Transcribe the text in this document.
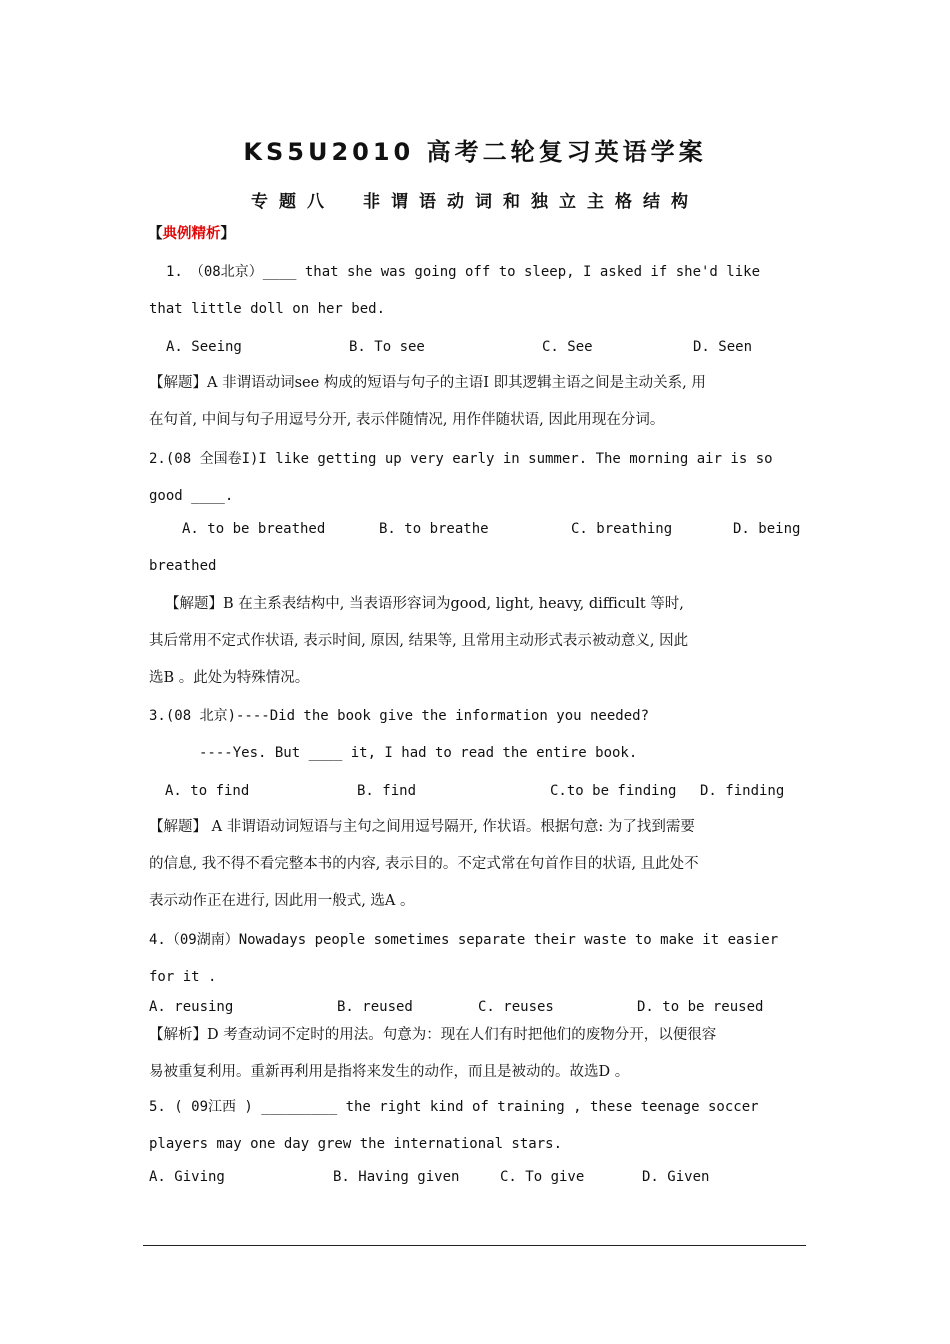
KS5U2010 高考二轮复习英语学案
专题八　非谓语动词和独立主格结构
【典例精析】
1.　（08北京）____ that she was going off to sleep, I asked if she'd like
that little doll on her bed.
A. Seeing	B. To see	C. See	D. Seen
【解题】A 非谓语动词see 构成的短语与句子的主语I 即其逻辑主语之间是主动关系, 用
在句首, 中间与句子用逗号分开, 表示伴随情况, 用作伴随状语, 因此用现在分词。
2.(08 全国卷I)I like getting up very early in summer. The morning air is so
good ____.
A. to be breathed	B. to breathe	C. breathing	D. being
breathed
【解题】B 在主系表结构中, 当表语形容词为good, light, heavy, difficult 等时,
其后常用不定式作状语, 表示时间, 原因, 结果等, 且常用主动形式表示被动意义, 因此
选B 。此处为特殊情况。
3.(08 北京)----Did the book give the information you needed?
----Yes. But ____ it, I had to read the entire book.
A. to find	B. find	C.to be finding D. finding
【解题】 A 非谓语动词短语与主句之间用逗号隔开, 作状语。根据句意: 为了找到需要
的信息, 我不得不看完整本书的内容, 表示目的。不定式常在句首作目的状语, 且此处不
表示动作正在进行, 因此用一般式, 选A 。
4.（09湖南）Nowadays people sometimes separate their waste to make it easier
for it .
A. reusing	B. reused	C. reuses	D. to be reused
【解析】D 考查动词不定时的用法。句意为：现在人们有时把他们的废物分开，以便很容
易被重复利用。重新再利用是指将来发生的动作，而且是被动的。故选D 。
5. ( 09江西 ) _________ the right kind of training , these teenage soccer
players may one day grew the international stars.
A. Giving	B. Having given	C. To give	D. Given
